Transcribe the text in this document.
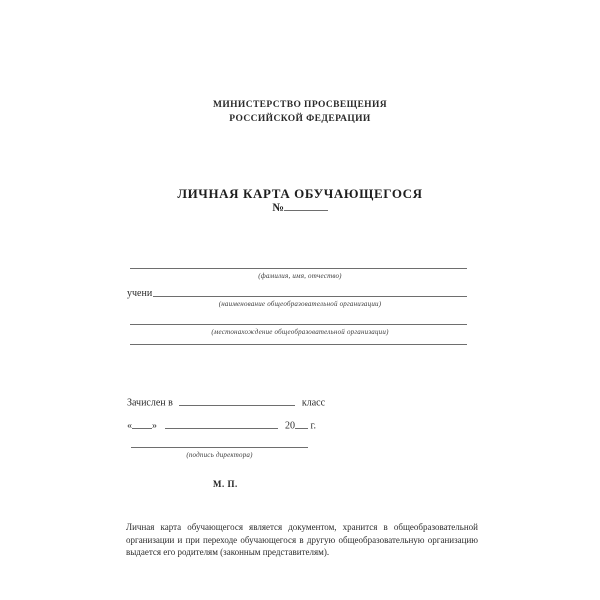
МИНИСТЕРСТВО ПРОСВЕЩЕНИЯ
РОССИЙСКОЙ ФЕДЕРАЦИИ
ЛИЧНАЯ КАРТА ОБУЧАЮЩЕГОСЯ
№
(фамилия, имя, отчество)
учени
(наименование общеобразовательной организации)
(местонахождение общеобразовательной организации)
Зачислен в	класс
« »	20 г.
(подпись директора)
М. П.

Личная карта обучающегося является документом, хранится в общеобразовательной организации и при переходе обучающегося в другую общеобразовательную организацию выдается его родителям (законным представителям).
